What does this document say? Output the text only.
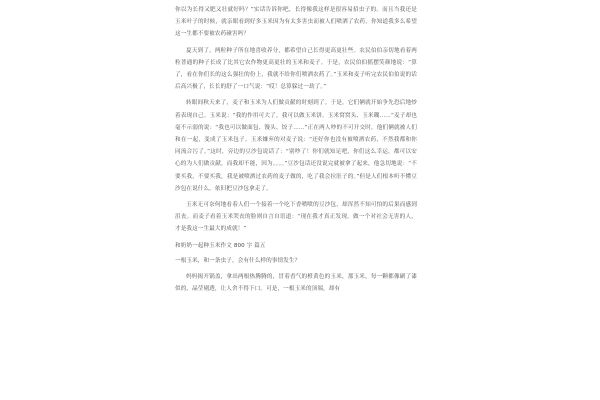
你以为长得又肥又壮就好吗？”实话告诉你吧，长得像我这样是很容易招虫子的。而且当我还是玉米叶子的时候，就亲眼看到好多玉米因为有太多害虫而被人们喷洒了农药，你知道我多么希望这一生都不要被农药碰害吗？

夏天到了，两粒种子所在地喜收养分，都希望自己长得更高更壮些。农民伯伯亲切地看着两粒普通的种子长成了比其它农作物更高更壮的玉米和麦子。于是，农民伯伯摇摆笑颜地说：“算了，看在你们长的这么强壮的份上，我就不给你们喷洒农药了。”玉米和麦子听完农民伯伯说的话后高兴极了，长长的舒了一口气说：“哎！总算躲过一劫了。”

转眼间秋天来了，麦子和玉米为人们做贡献的时刻到了。于是，它们俩就开始争先恐后地炒着表现自己。玉米说：“我的作用可大了，我可以做玉米饼、玉米窝窝头、玉米糊……”麦子却也毫不示弱的说：“我也可以做面包、馒头、饺子……”正在两人吵的不可开交时，他们俩就被人们和在一起，变成了玉米包子。玉米嫌弃的对麦子说：“还好你也没有被喷洒农药，不然我都和你同流合污了。”这时，旁边的豆沙包说话了：“别吵了！你们就知足吧，你们这么幸运，都可以安心的为人们做贡献，而我却不能，因为。。。。”豆沙包话还没说完就被拿了起来，他急切地说：“不要买我，不要买我，我是被喷洒过农药的麦子做的，吃了我会拉肚子的。”但是人们根本听不懂豆沙包在说什么，依旧把豆沙包拿走了。

玉米无可奈何地看着人们一个接着一个吃下香喷喷的豆沙包，却浑然不知可怕的后果而感到沮丧。而麦子看着玉米哭丧的脸则自言自语道：“现在我才真正发现，做一个对社会无害的人，才是我这一生最大的成就！”

和奶奶一起种玉米作文 800 字 篇五

一根玉米，和一条虫子，会有什么样的事情发生？

妈妈揭开锅盖，拿出两根热腾腾的，冒着香气的橙黄色的玉米，那玉米，每一颗都像刷了漆似的，晶莹剔透，让人舍不得下口。可是，一根玉米的顶端，却有
